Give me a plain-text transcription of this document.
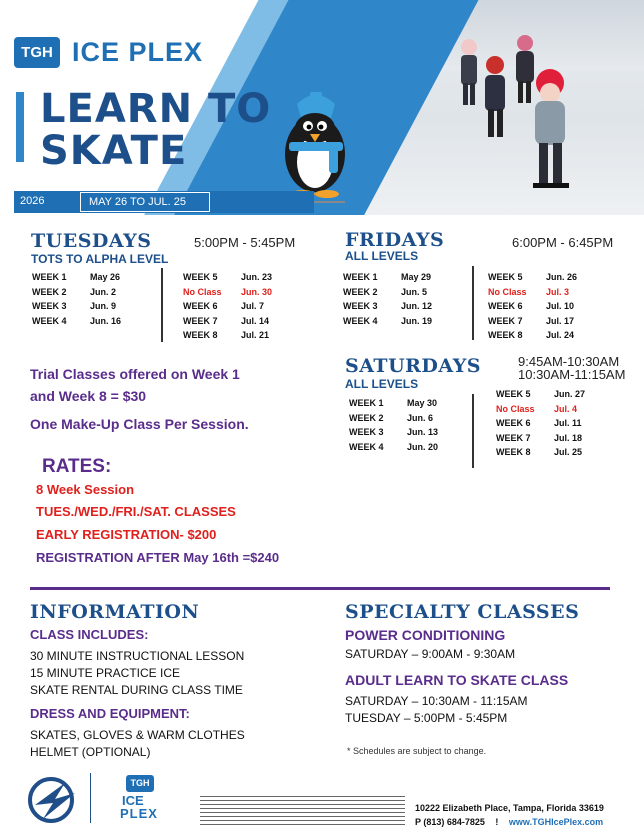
TGH ICE PLEX
LEARN TO
SKATE
2026	MAY 26 TO JUL. 25
TUESDAYS
TOTS TO ALPHA LEVEL
5:00PM - 5:45PM
WEEK 1	May 26
WEEK 2	Jun. 2
WEEK 3	Jun. 9
WEEK 4	Jun. 16
WEEK 5	Jun. 23
No Class	Jun. 30
WEEK 6	Jul. 7
WEEK 7	Jul. 14
WEEK 8	Jul. 21
FRIDAYS
ALL LEVELS
6:00PM - 6:45PM
WEEK 1	May 29
WEEK 2	Jun. 5
WEEK 3	Jun. 12
WEEK 4	Jun. 19
WEEK 5	Jun. 26
No Class	Jul. 3
WEEK 6	Jul. 10
WEEK 7	Jul. 17
WEEK 8	Jul. 24
SATURDAYS
ALL LEVELS
9:45AM-10:30AM
10:30AM-11:15AM
WEEK 1	May 30
WEEK 2	Jun. 6
WEEK 3	Jun. 13
WEEK 4	Jun. 20
WEEK 5	Jun. 27
No Class	Jul. 4
WEEK 6	Jul. 11
WEEK 7	Jul. 18
WEEK 8	Jul. 25
Trial Classes offered on Week 1
and Week 8 = $30
One Make-Up Class Per Session.
RATES:
8 Week Session
TUES./WED./FRI./SAT. CLASSES
EARLY REGISTRATION- $200
REGISTRATION AFTER May 16th =$240
INFORMATION
CLASS INCLUDES:
30 MINUTE INSTRUCTIONAL LESSON
15 MINUTE PRACTICE ICE
SKATE RENTAL DURING CLASS TIME
DRESS AND EQUIPMENT:
SKATES, GLOVES & WARM CLOTHES
HELMET (OPTIONAL)
SPECIALTY CLASSES
POWER CONDITIONING
SATURDAY – 9:00AM - 9:30AM
ADULT LEARN TO SKATE CLASS
SATURDAY – 10:30AM - 11:15AM
TUESDAY – 5:00PM - 5:45PM
* Schedules are subject to change.
TGH
ICE
PLEX	10222 Elizabeth Place, Tampa, Florida 33619
P (813) 684-7825 ! www.TGHIcePlex.com
